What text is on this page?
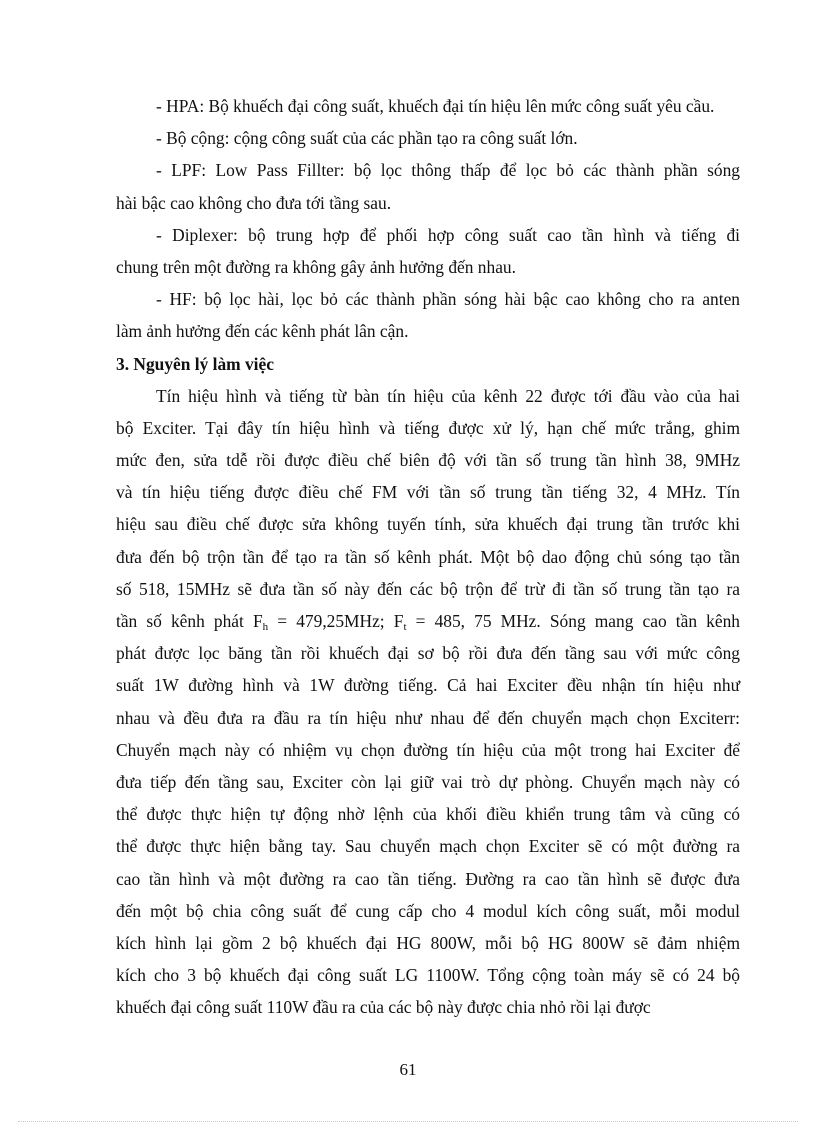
- HPA: Bộ khuếch đại công suất, khuếch đại tín hiệu lên mức công suất yêu cầu.
- Bộ cộng: cộng công suất của các phần tạo ra công suất lớn.
- LPF: Low Pass Fillter: bộ lọc thông thấp để lọc bỏ các thành phần sóng
hài bậc cao không cho đưa tới tầng sau.
- Diplexer: bộ trung hợp để phối hợp công suất cao tần hình và tiếng đi
chung trên một đường ra không gây ảnh hưởng đến nhau.
- HF: bộ lọc hài, lọc bỏ các thành phần sóng hài bậc cao không cho ra anten
làm ảnh hưởng đến các kênh phát lân cận.
3. Nguyên lý làm việc
Tín hiệu hình và tiếng từ bàn tín hiệu của kênh 22 được tới đầu vào của hai
bộ Exciter. Tại đây tín hiệu hình và tiếng được xử lý, hạn chế mức trắng, ghim
mức đen, sửa tdễ rồi được điều chế biên độ với tần số trung tần hình 38, 9MHz
và tín hiệu tiếng được điều chế FM với tần số trung tần tiếng 32, 4 MHz. Tín
hiệu sau điều chế được sửa không tuyến tính, sửa khuếch đại trung tần trước khi
đưa đến bộ trộn tần để tạo ra tần số kênh phát. Một bộ dao động chủ sóng tạo tần
số 518, 15MHz sẽ đưa tần số này đến các bộ trộn để trừ đi tần số trung tần tạo ra
tần số kênh phát $F_h = 479,25MHz$; $F_t = 485$, 75 MHz. Sóng mang cao tần kênh
phát được lọc băng tần rồi khuếch đại sơ bộ rồi đưa đến tầng sau với mức công
suất 1W đường hình và 1W đường tiếng. Cả hai Exciter đều nhận tín hiệu như
nhau và đều đưa ra đầu ra tín hiệu như nhau để đến chuyển mạch chọn Exciterr:
Chuyển mạch này có nhiệm vụ chọn đường tín hiệu của một trong hai Exciter để
đưa tiếp đến tầng sau, Exciter còn lại giữ vai trò dự phòng. Chuyển mạch này có
thể được thực hiện tự động nhờ lệnh của khối điều khiển trung tâm và cũng có
thể được thực hiện bằng tay. Sau chuyển mạch chọn Exciter sẽ có một đường ra
cao tần hình và một đường ra cao tần tiếng. Đường ra cao tần hình sẽ được đưa
đến một bộ chia công suất để cung cấp cho 4 modul kích công suất, mỗi modul
kích hình lại gồm 2 bộ khuếch đại HG 800W, mỗi bộ HG 800W sẽ đảm nhiệm
kích cho 3 bộ khuếch đại công suất LG 1100W. Tổng cộng toàn máy sẽ có 24 bộ
khuếch đại công suất 110W đầu ra của các bộ này được chia nhỏ rồi lại được
61
